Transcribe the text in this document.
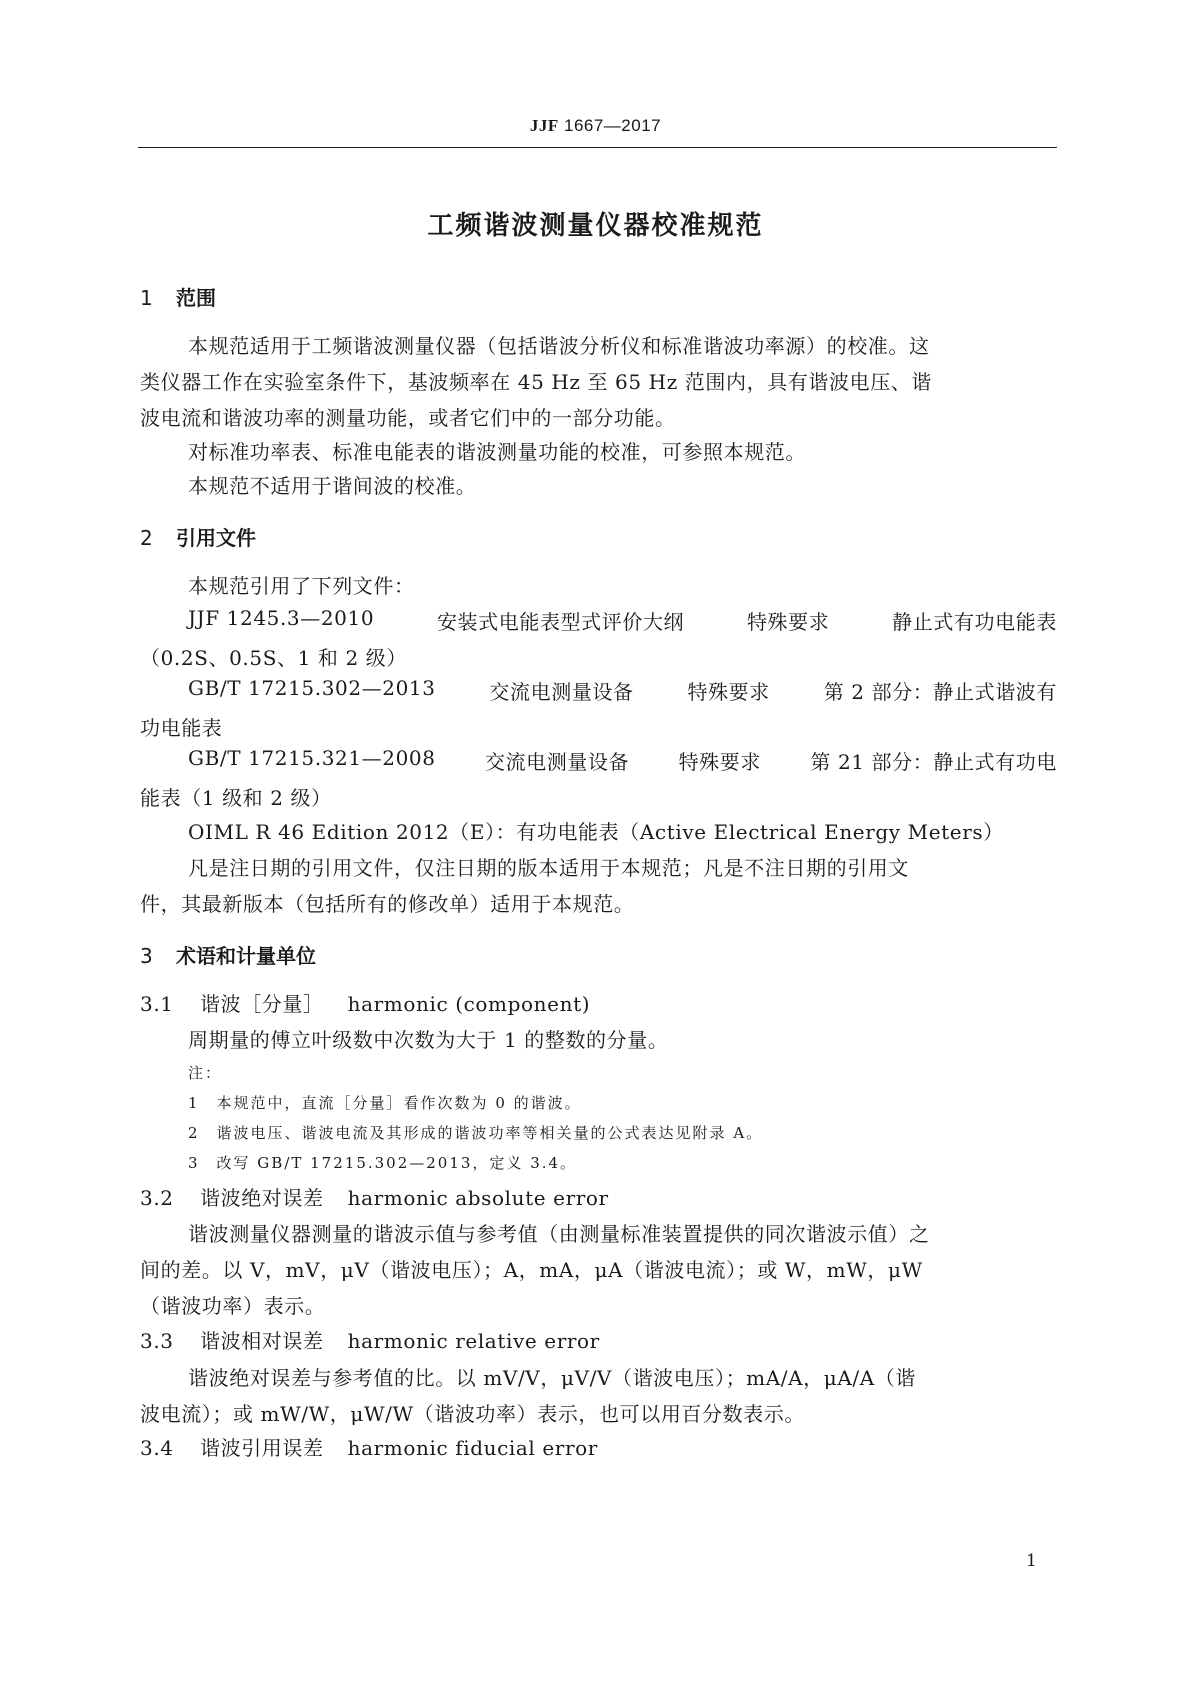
JJF 1667—2017
工频谐波测量仪器校准规范
1 范围
本规范适用于工频谐波测量仪器（包括谐波分析仪和标准谐波功率源）的校准。这
类仪器工作在实验室条件下，基波频率在 45 Hz 至 65 Hz 范围内，具有谐波电压、谐
波电流和谐波功率的测量功能，或者它们中的一部分功能。
对标准功率表、标准电能表的谐波测量功能的校准，可参照本规范。
本规范不适用于谐间波的校准。
2 引用文件
本规范引用了下列文件：
JJF 1245.3—2010	安装式电能表型式评价大纲	特殊要求	静止式有功电能表
（0.2S、0.5S、1 和 2 级）
GB/T 17215.302—2013	交流电测量设备	特殊要求	第 2 部分：静止式谐波有
功电能表
GB/T 17215.321—2008 交流电测量设备 特殊要求 第 21 部分：静止式有功电
能表（1 级和 2 级）
OIML R 46 Edition 2012（E）：有功电能表（Active Electrical Energy Meters）
凡是注日期的引用文件，仅注日期的版本适用于本规范；凡是不注日期的引用文
件，其最新版本（包括所有的修改单）适用于本规范。
3 术语和计量单位
3.1 谐波［分量］ harmonic (component)
周期量的傅立叶级数中次数为大于 1 的整数的分量。
注：
1　本规范中，直流［分量］看作次数为 0 的谐波。
2　谐波电压、谐波电流及其形成的谐波功率等相关量的公式表达见附录 A。
3　改写 GB/T 17215.302—2013，定义 3.4。
3.2 谐波绝对误差 harmonic absolute error
谐波测量仪器测量的谐波示值与参考值（由测量标准装置提供的同次谐波示值）之
间的差。以 V，mV，μV（谐波电压）；A，mA，μA（谐波电流）；或 W，mW，μW
（谐波功率）表示。
3.3 谐波相对误差 harmonic relative error
谐波绝对误差与参考值的比。以 mV/V，μV/V（谐波电压）；mA/A，μA/A（谐
波电流）；或 mW/W，μW/W（谐波功率）表示，也可以用百分数表示。
3.4 谐波引用误差 harmonic fiducial error
1
